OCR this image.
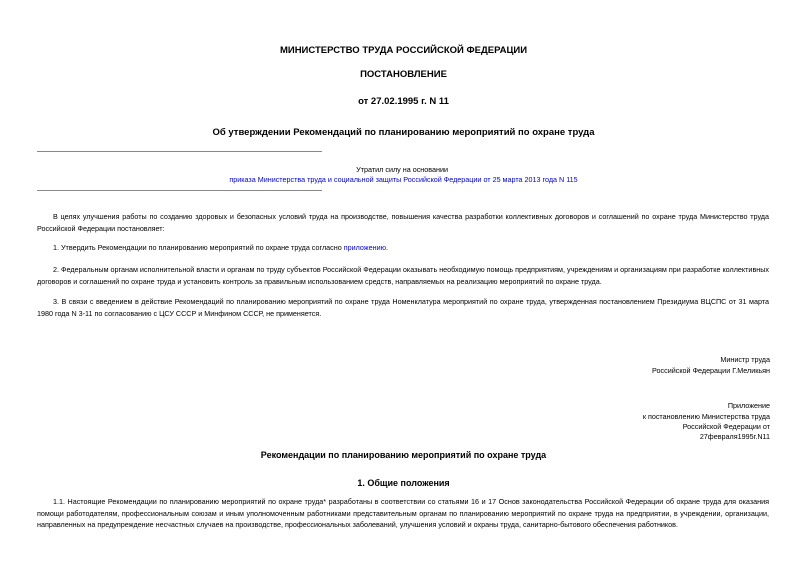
МИНИСТЕРСТВО ТРУДА РОССИЙСКОЙ ФЕДЕРАЦИИ
ПОСТАНОВЛЕНИЕ
от 27.02.1995 г. N 11
Об утверждении Рекомендаций по планированию мероприятий по охране труда
Утратил силу на основании
приказа Министерства труда и социальной защиты Российской Федерации от 25 марта 2013 года N 115
В целях улучшения работы по созданию здоровых и безопасных условий труда на производстве, повышения качества разработки коллективных договоров и соглашений по охране труда Министерство труда Российской Федерации постановляет:
1. Утвердить Рекомендации по планированию мероприятий по охране труда согласно приложению.
2. Федеральным органам исполнительной власти и органам по труду субъектов Российской Федерации оказывать необходимую помощь предприятиям, учреждениям и организациям при разработке коллективных договоров и соглашений по охране труда и установить контроль за правильным использованием средств, направляемых на реализацию мероприятий по охране труда.
3. В связи с введением в действие Рекомендаций по планированию мероприятий по охране труда Номенклатура мероприятий по охране труда, утвержденная постановлением Президиума ВЦСПС от 31 марта 1980 года N 3-11 по согласованию с ЦСУ СССР и Минфином СССР, не применяется.
Министр труда
Российской Федерации Г.Меликьян
Приложение
к постановлению Министерства труда
Российской Федерации от
27февраля1995г.N11
Рекомендации по планированию мероприятий по охране труда
1. Общие положения
1.1. Настоящие Рекомендации по планированию мероприятий по охране труда* разработаны в соответствии со статьями 16 и 17 Основ законодательства Российской Федерации об охране труда для оказания помощи работодателям, профессиональным союзам и иным уполномоченным работниками представительным органам по планированию мероприятий по охране труда на предприятии, в учреждении, организации, направленных на предупреждение несчастных случаев на производстве, профессиональных заболеваний, улучшения условий и охраны труда, санитарно-бытового обеспечения работников.
